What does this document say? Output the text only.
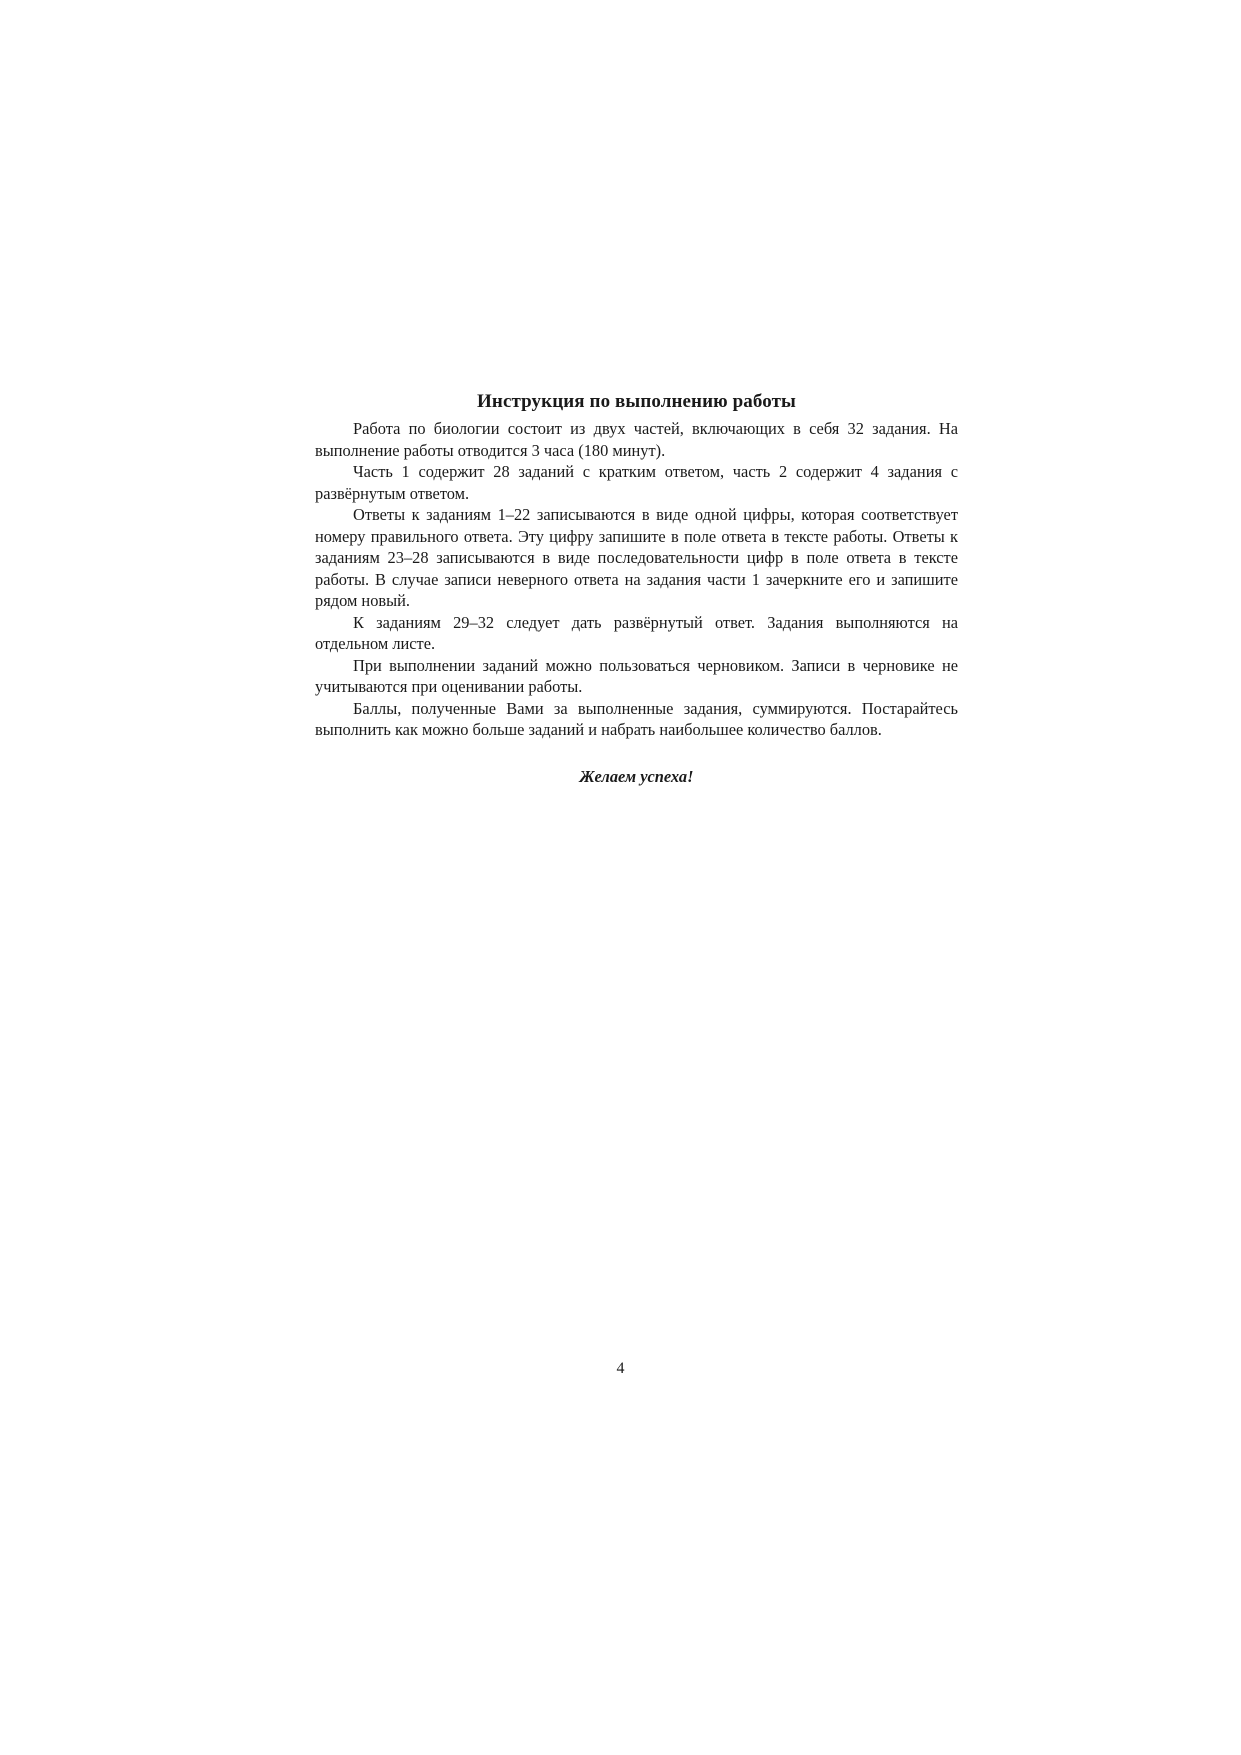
Инструкция по выполнению работы

Работа по биологии состоит из двух частей, включающих в себя 32 задания. На выполнение работы отводится 3 часа (180 минут).

Часть 1 содержит 28 заданий с кратким ответом, часть 2 содержит 4 задания с развёрнутым ответом.

Ответы к заданиям 1–22 записываются в виде одной цифры, которая соответствует номеру правильного ответа. Эту цифру запишите в поле ответа в тексте работы. Ответы к заданиям 23–28 записываются в виде последовательности цифр в поле ответа в тексте работы. В случае записи неверного ответа на задания части 1 зачеркните его и запишите рядом новый.

К заданиям 29–32 следует дать развёрнутый ответ. Задания выполняются на отдельном листе.

При выполнении заданий можно пользоваться черновиком. Записи в черновике не учитываются при оценивании работы.

Баллы, полученные Вами за выполненные задания, суммируются. Постарайтесь выполнить как можно больше заданий и набрать наибольшее количество баллов.

Желаем успеха!

4
